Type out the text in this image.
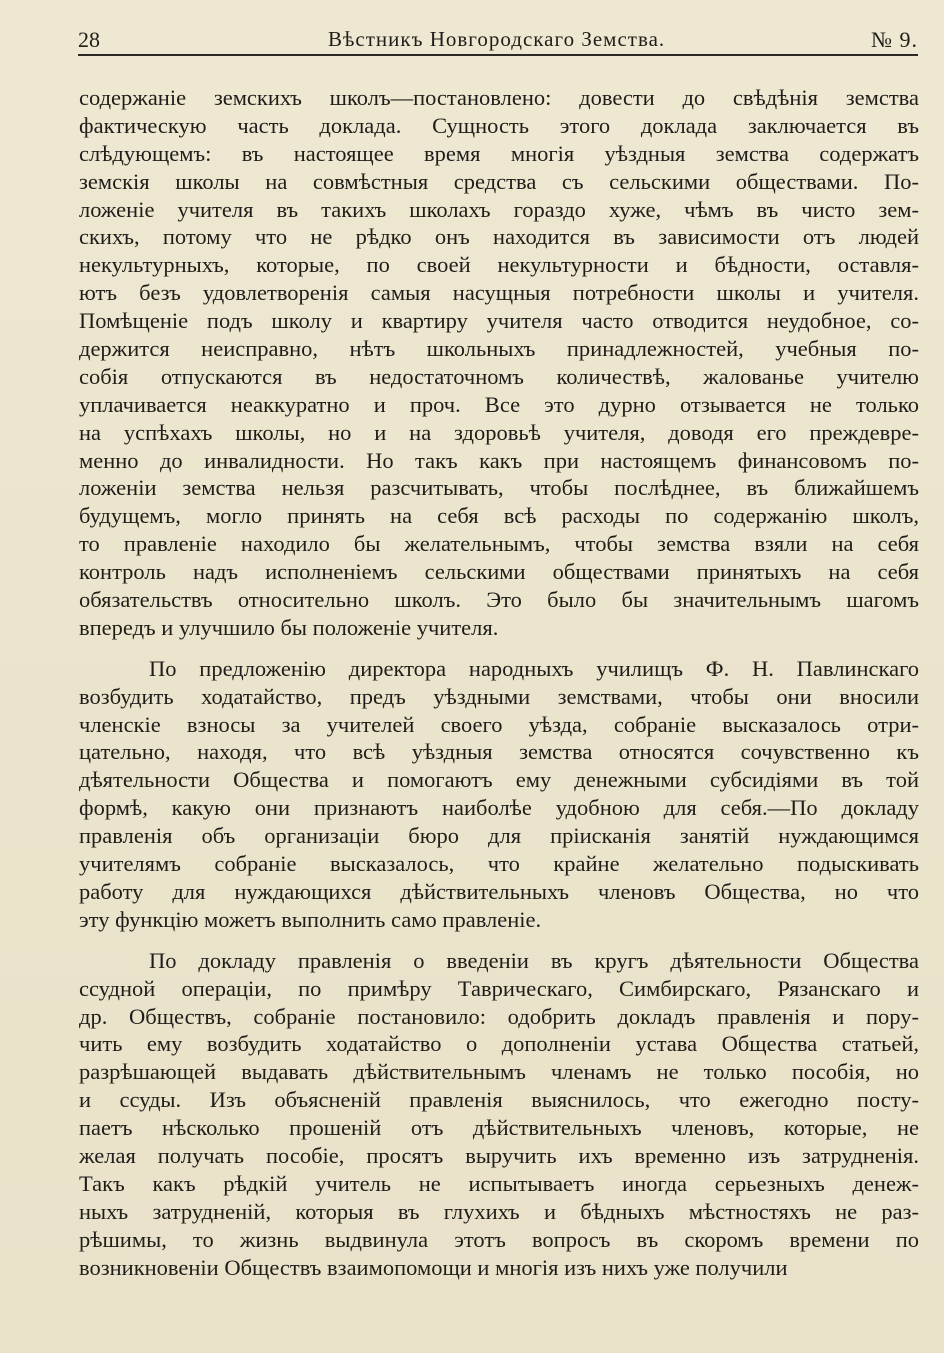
28	Вѣстникъ Новгородскаго Земства.	№ 9.
содержаніе земскихъ школъ—постановлено: довести до свѣдѣнія земства
фактическую часть доклада. Сущность этого доклада заключается въ
слѣдующемъ: въ настоящее время многія уѣздныя земства содержатъ
земскія школы на совмѣстныя средства съ сельскими обществами. По-
ложеніе учителя въ такихъ школахъ гораздо хуже, чѣмъ въ чисто зем-
скихъ, потому что не рѣдко онъ находится въ зависимости отъ людей
некультурныхъ, которые, по своей некультурности и бѣдности, оставля-
ютъ безъ удовлетворенія самыя насущныя потребности школы и учителя.
Помѣщеніе подъ школу и квартиру учителя часто отводится неудобное, со-
держится неисправно, нѣтъ школьныхъ принадлежностей, учебныя по-
собія отпускаются въ недостаточномъ количествѣ, жалованье учителю
уплачивается неаккуратно и проч. Все это дурно отзывается не только
на успѣхахъ школы, но и на здоровьѣ учителя, доводя его преждевре-
менно до инвалидности. Но такъ какъ при настоящемъ финансовомъ по-
ложеніи земства нельзя разсчитывать, чтобы послѣднее, въ ближайшемъ
будущемъ, могло принять на себя всѣ расходы по содержанію школъ,
то правленіе находило бы желательнымъ, чтобы земства взяли на себя
контроль надъ исполненіемъ сельскими обществами принятыхъ на себя
обязательствъ относительно школъ. Это было бы значительнымъ шагомъ
впередъ и улучшило бы положеніе учителя.
По предложенію директора народныхъ училищъ Ф. Н. Павлинскаго
возбудить ходатайство, предъ уѣздными земствами, чтобы они вносили
членскіе взносы за учителей своего уѣзда, собраніе высказалось отри-
цательно, находя, что всѣ уѣздныя земства относятся сочувственно къ
дѣятельности Общества и помогаютъ ему денежными субсидіями въ той
формѣ, какую они признаютъ наиболѣе удобною для себя.—По докладу
правленія объ организаціи бюро для пріисканія занятій нуждающимся
учителямъ собраніе высказалось, что крайне желательно подыскивать
работу для нуждающихся дѣйствительныхъ членовъ Общества, но что
эту функцію можетъ выполнить само правленіе.
По докладу правленія о введеніи въ кругъ дѣятельности Общества
ссудной операціи, по примѣру Таврическаго, Симбирскаго, Рязанскаго и
др. Обществъ, собраніе постановило: одобрить докладъ правленія и пору-
чить ему возбудить ходатайство о дополненіи устава Общества статьей,
разрѣшающей выдавать дѣйствительнымъ членамъ не только пособія, но
и ссуды. Изъ объясненій правленія выяснилось, что ежегодно посту-
паетъ нѣсколько прошеній отъ дѣйствительныхъ членовъ, которые, не
желая получать пособіе, просятъ выручить ихъ временно изъ затрудненія.
Такъ какъ рѣдкій учитель не испытываетъ иногда серьезныхъ денеж-
ныхъ затрудненій, которыя въ глухихъ и бѣдныхъ мѣстностяхъ не раз-
рѣшимы, то жизнь выдвинула этотъ вопросъ въ скоромъ времени по
возникновеніи Обществъ взаимопомощи и многія изъ нихъ уже получили
